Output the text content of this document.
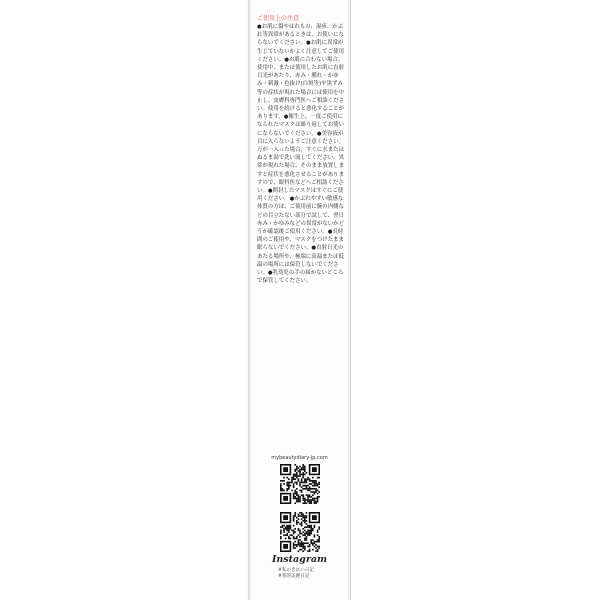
ご使用上の注意
●お肌に傷やはれもの、湿疹、かぶれ等異常があるときは、お使いにならないでください。●お肌に異常が生じていないかよく注意してご使用ください。●お肌に合わない場合、使用中、または使用したお肌に直射日光があたり、赤み・腫れ・かゆみ・刺激・色抜け(白斑等)や黒ずみ等の症状が現れた場合には使用を中止し、皮膚科専門医へご相談ください。使用を続けると悪化することがあります。●衛生上、一度ご使用になられたマスクは繰り返してお使いにならないでください。●美容液が目に入らないようご注意ください。万が一入った場合、すぐに水またはぬるま湯で洗い流してください。異常が現れた場合、そのまま放置しますと症状を悪化させることがありますので、眼科医などへご相談ください。●開封したマスクはすぐにご使用ください。●かぶれやすい敏感な体質の方は、ご使用前に腕の内側などの目立たない部分で試して、翌日赤み・かゆみなどの異常がないかどうか確認後ご使用ください。●長時間のご使用や、マスクをつけたまま眠らないでください。●直射日光のあたる場所や、極端に高温または低温の場所には保管しないでください。●乳幼児の手の届かないところで保管してください。
mybeautydiary-jp.com
Instagram
#私のきれい日記
#我的美麗日記
